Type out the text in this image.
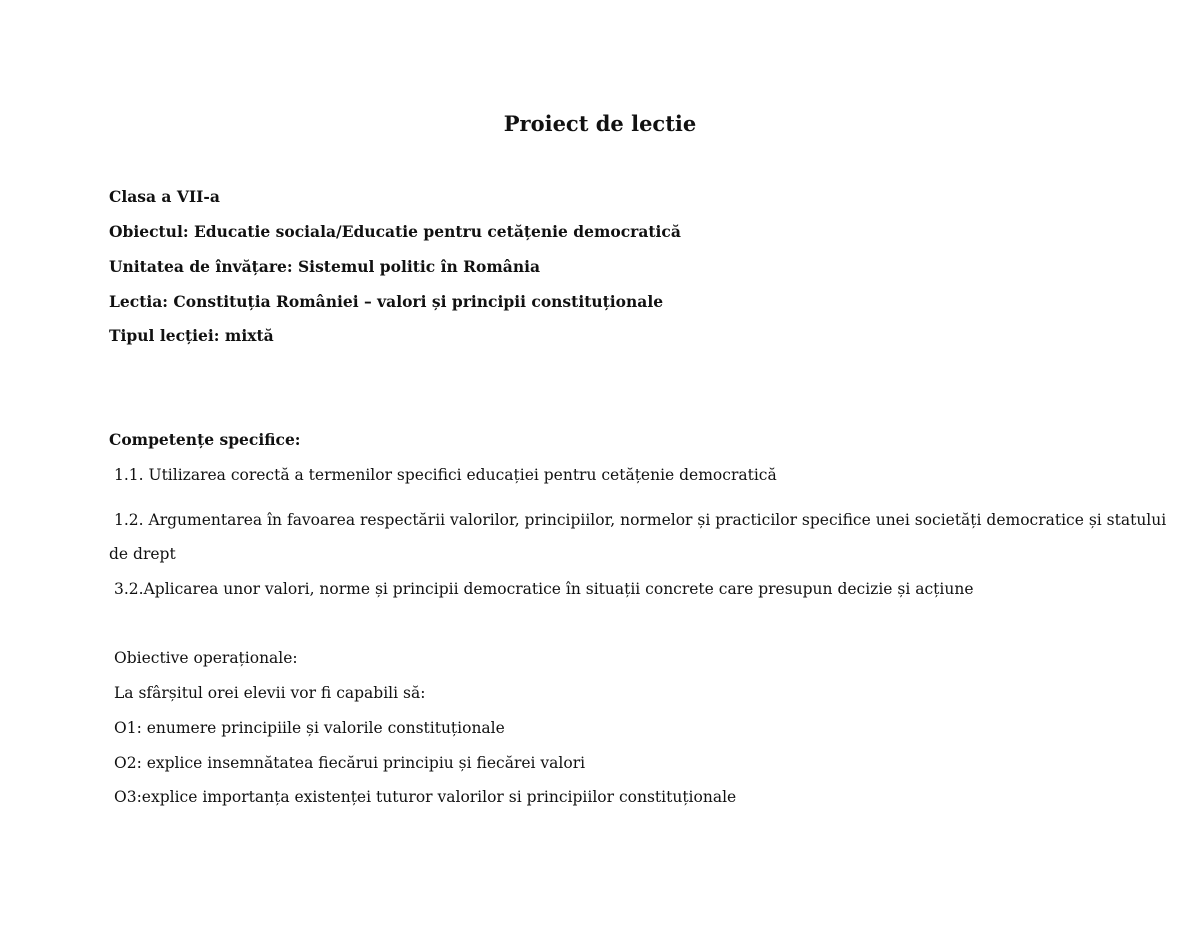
Proiect de lectie

Clasa a VII-a

Obiectul: Educatie sociala/Educatie pentru cetățenie democratică

Unitatea de învățare: Sistemul politic în România

Lectia: Constituția României – valori și principii constituționale

Tipul lecției: mixtă

Competențe specifice:

1.1. Utilizarea corectă a termenilor specifici educației pentru cetățenie democratică

1.2. Argumentarea în favoarea respectării valorilor, principiilor, normelor și practicilor specifice unei societăți democratice și statului

de drept

3.2.Aplicarea unor valori, norme și principii democratice în situații concrete care presupun decizie și acțiune

Obiective operaționale:

La sfârșitul orei elevii vor fi capabili să:

O1: enumere principiile și valorile constituționale

O2: explice insemnătatea fiecărui principiu și fiecărei valori

O3:explice importanța existenței tuturor valorilor si principiilor constituționale
